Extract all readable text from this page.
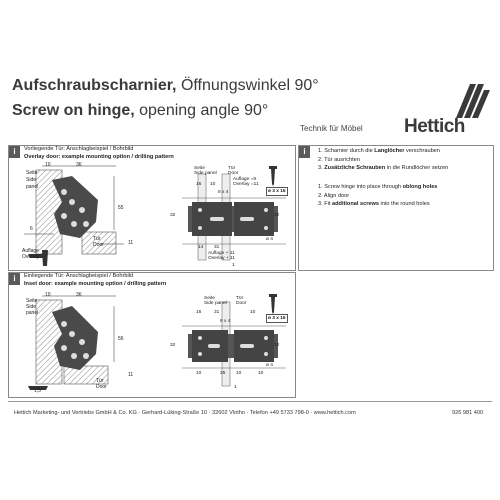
Aufschraubscharnier, Öffnungswinkel 90°
Screw on hinge, opening angle 90°
Technik für Möbel Hettich
i	Vorliegende Tür: Anschlagbeispiel / Bohrbild
Overlay door: example mounting option / drilling pattern
Seite
Side
panel
10	36
55
6
11
Tür
Door
Auflage
Overlay
Seite
Side panel
Tür
Door
Auflage =9
Overlay =11
16 10
8 x 4
32	32
ø 4
14 31
Auflage + 11
Overlay + 11
1
ø 3 x 16
i	Einliegende Tür: Anschlagbeispiel / Bohrbild
Inset door: example mounting option / drilling pattern
Seite
Side
panel
10	36
56
11
1,5
Tür
Door
Seite
Side panel
Tür
Door
16	31	10
8 x 4
32	32
ø 4
10	25 10	10
1
ø 3 x 16
i	1. Scharnier durch die Langlöcher verschrauben
2. Tür ausrichten
3. Zusätzliche Schrauben in die Rundlöcher setzen
1. Screw hinge into place through oblong holes
2. Align door
3. Fit additional screws into the round holes
Hettich Marketing- und Vertriebs GmbH & Co. KG · Gerhard-Lüking-Straße 10 · 32602 Vlotho · Telefon +49 5733 798-0 · www.hettich.com	926 981 400
